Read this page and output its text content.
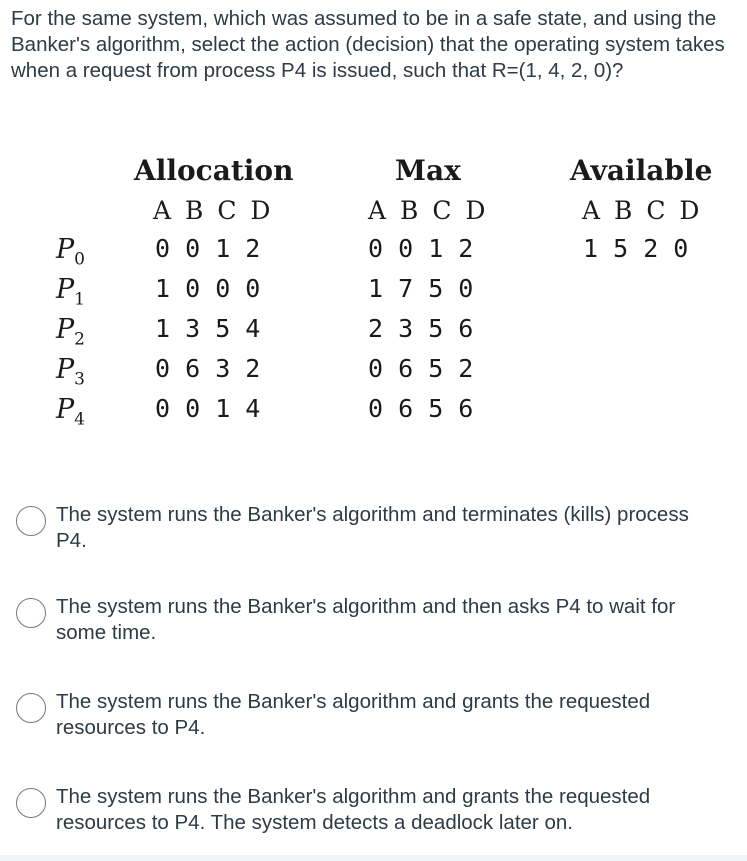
For the same system, which was assumed to be in a safe state, and using the Banker's algorithm, select the action (decision) that the operating system takes when a request from process P4 is issued, such that R=(1, 4, 2, 0)?

Allocation	Max	Available
A B C D	A B C D	A B C D
$P_0$	0 0 1 2	0 0 1 2	1 5 2 0
$P_1$	1 0 0 0	1 7 5 0
$P_2$	1 3 5 4	2 3 5 6
$P_3$	0 6 3 2	0 6 5 2
$P_4$	0 0 1 4	0 6 5 6
The system runs the Banker's algorithm and terminates (kills) process P4.
The system runs the Banker's algorithm and then asks P4 to wait for some time.
The system runs the Banker's algorithm and grants the requested resources to P4.
The system runs the Banker's algorithm and grants the requested resources to P4. The system detects a deadlock later on.
